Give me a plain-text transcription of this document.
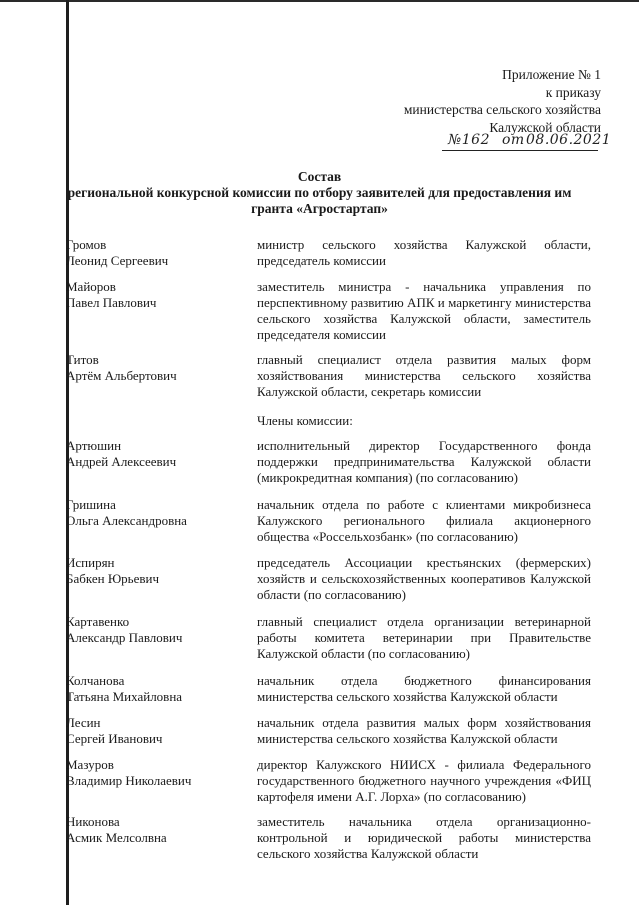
Приложение № 1
к приказу
министерства сельского хозяйства
Калужской области
№162 от 08.06.2021
Состав
региональной конкурсной комиссии по отбору заявителей для предоставления им
гранта «Агростартап»
Громов
Леонид Сергеевич
министр сельского хозяйства Калужской области, председатель комиссии
Майоров
Павел Павлович
заместитель министра - начальника управления по перспективному развитию АПК и маркетингу министерства сельского хозяйства Калужской области, заместитель председателя комиссии
Титов
Артём Альбертович
главный специалист отдела развития малых форм хозяйствования министерства сельского хозяйства Калужской области, секретарь комиссии
Члены комиссии:
Артюшин
Андрей Алексеевич
исполнительный директор Государственного фонда поддержки предпринимательства Калужской области (микрокредитная компания) (по согласованию)
Гришина
Ольга Александровна
начальник отдела по работе с клиентами микробизнеса Калужского регионального филиала акционерного общества «Россельхозбанк» (по согласованию)
Испирян
Бабкен Юрьевич
председатель Ассоциации крестьянских (фермерских) хозяйств и сельскохозяйственных кооперативов Калужской области (по согласованию)
Картавенко
Александр Павлович
главный специалист отдела организации ветеринарной работы комитета ветеринарии при Правительстве Калужской области (по согласованию)
Колчанова
Татьяна Михайловна
начальник отдела бюджетного финансирования министерства сельского хозяйства Калужской области
Лесин
Сергей Иванович
начальник отдела развития малых форм хозяйствования министерства сельского хозяйства Калужской области
Мазуров
Владимир Николаевич
директор Калужского НИИСХ - филиала Федерального государственного бюджетного научного учреждения «ФИЦ картофеля имени А.Г. Лорха» (по согласованию)
Никонова
Асмик Мелсолвна
заместитель начальника отдела организационно-контрольной и юридической работы министерства сельского хозяйства Калужской области
